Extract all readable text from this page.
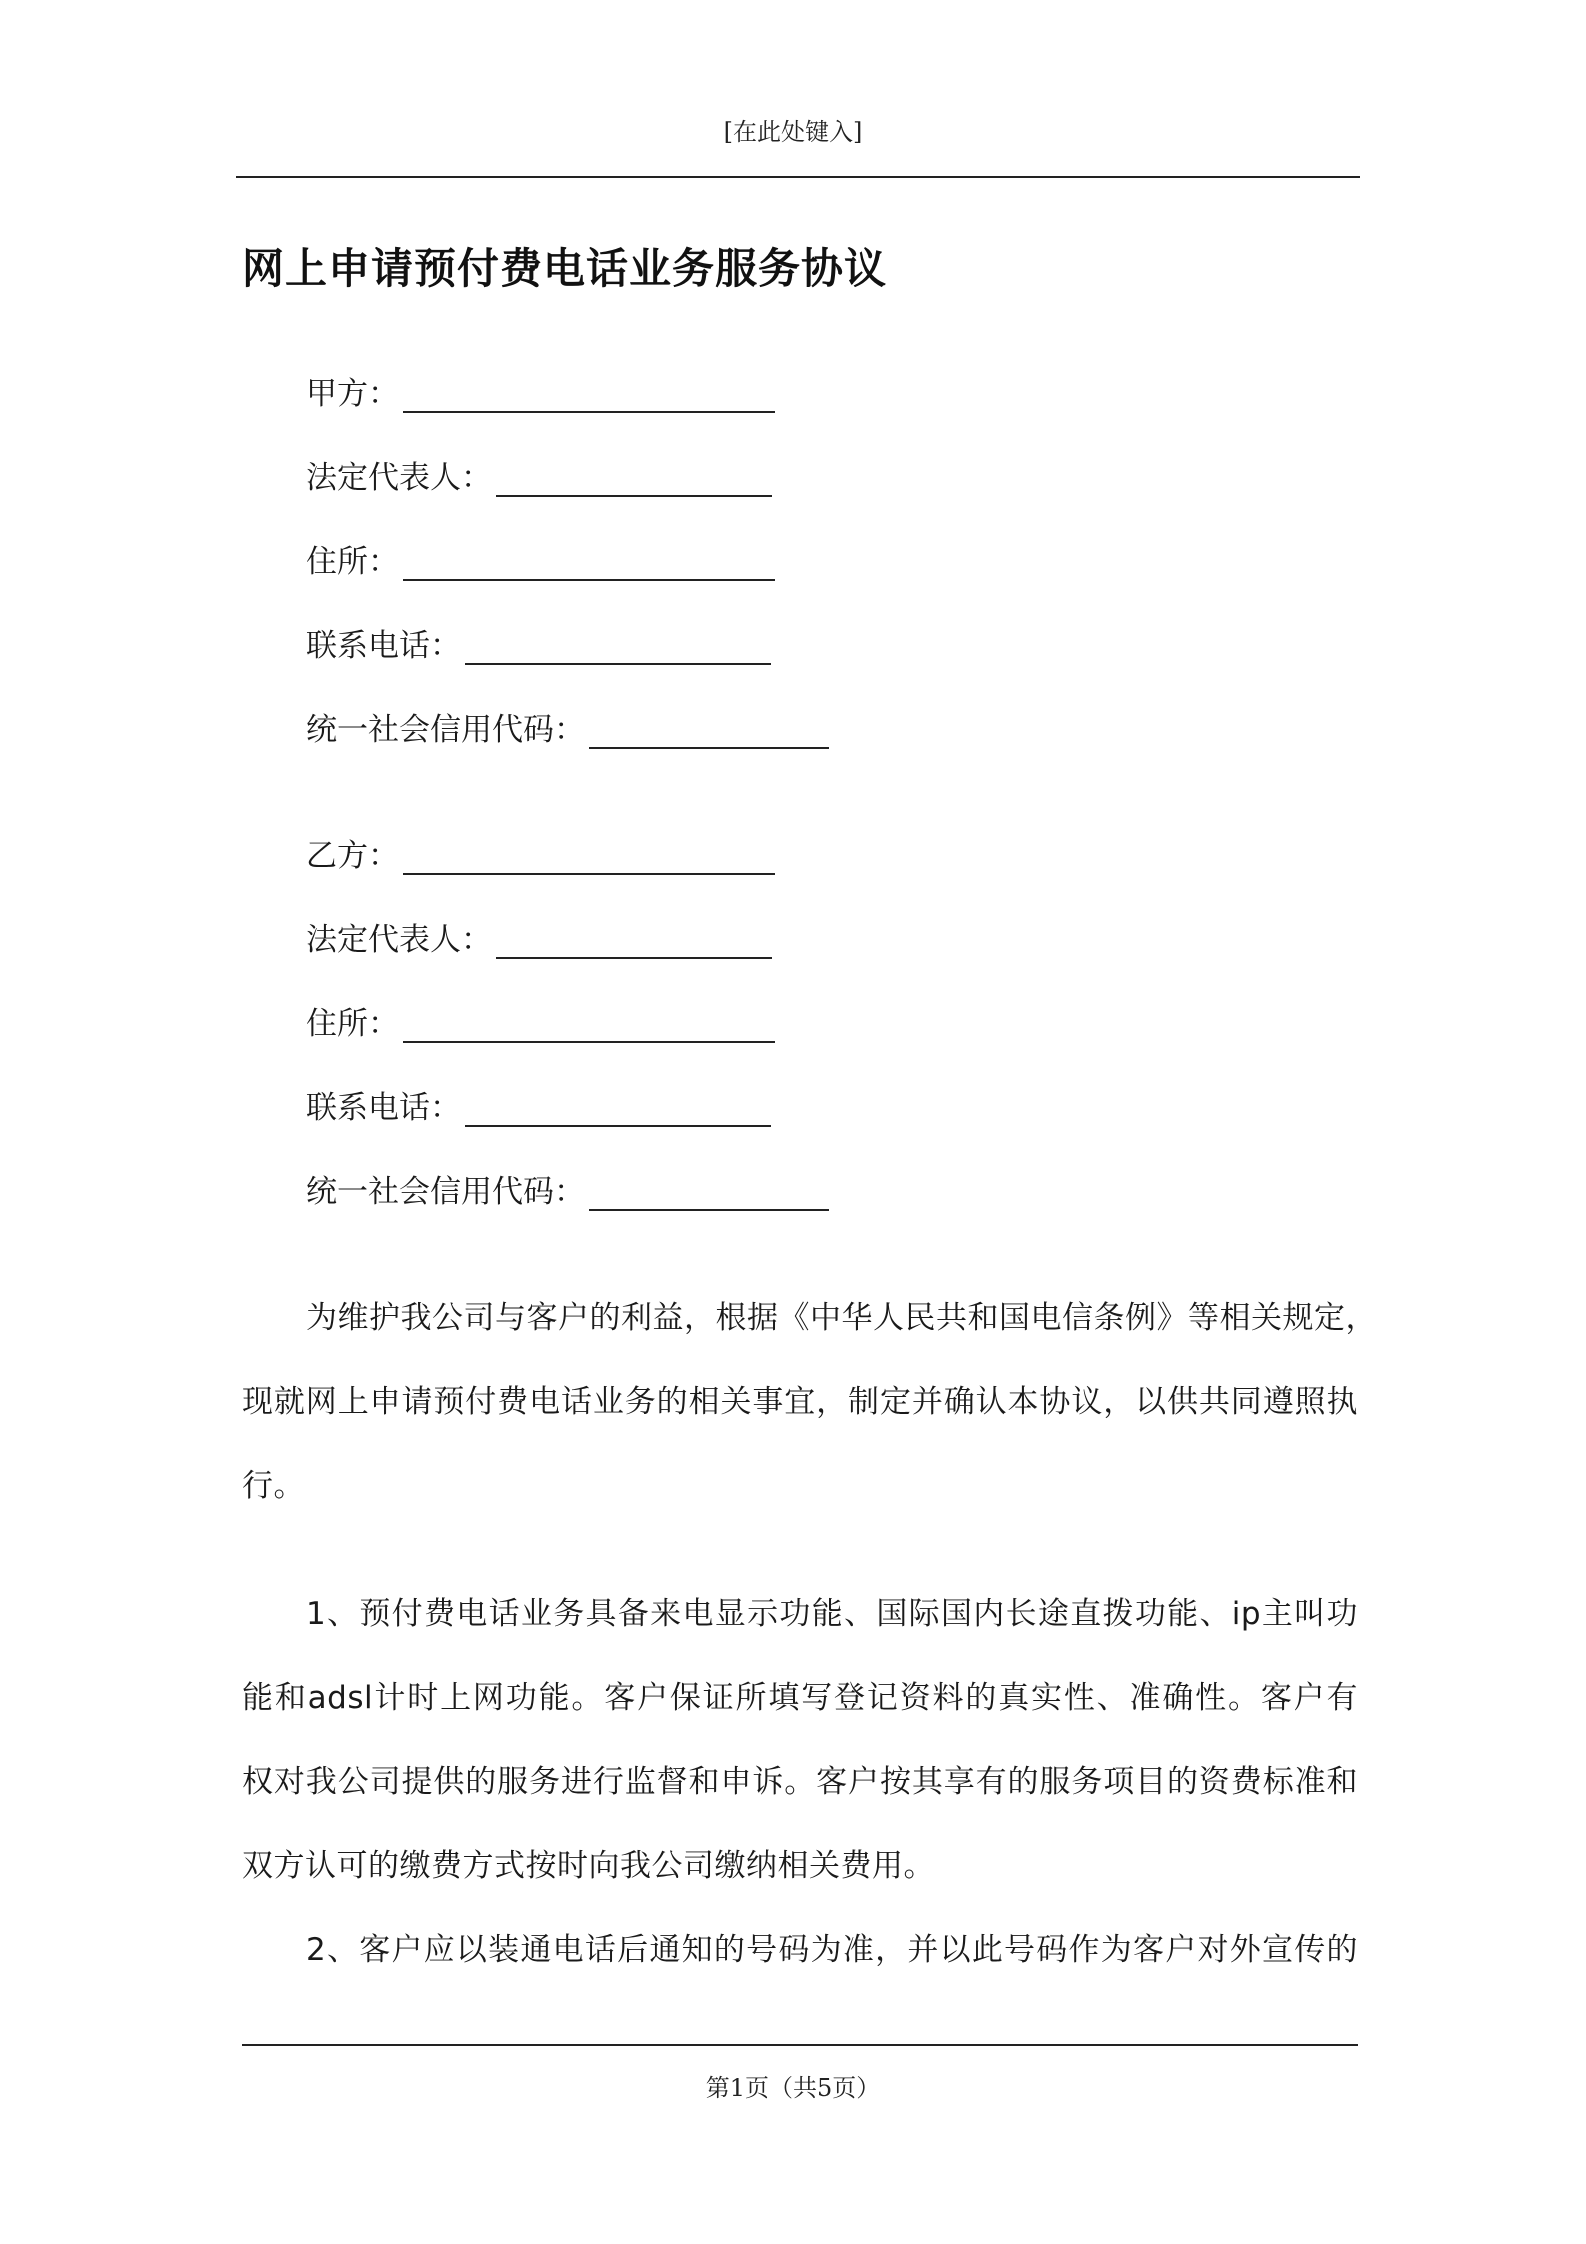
[在此处键入]
网上申请预付费电话业务服务协议
甲方：
法定代表人：
住所：
联系电话：
统一社会信用代码：
乙方：
法定代表人：
住所：
联系电话：
统一社会信用代码：
为维护我公司与客户的利益，根据《中华人民共和国电信条例》等相关规定，
现就网上申请预付费电话业务的相关事宜，制定并确认本协议，以供共同遵照执
行。
1、预付费电话业务具备来电显示功能、国际国内长途直拨功能、ip主叫功
能和adsl计时上网功能。客户保证所填写登记资料的真实性、准确性。客户有
权对我公司提供的服务进行监督和申诉。客户按其享有的服务项目的资费标准和
双方认可的缴费方式按时向我公司缴纳相关费用。
2、客户应以装通电话后通知的号码为准，并以此号码作为客户对外宣传的
第1页（共5页）
